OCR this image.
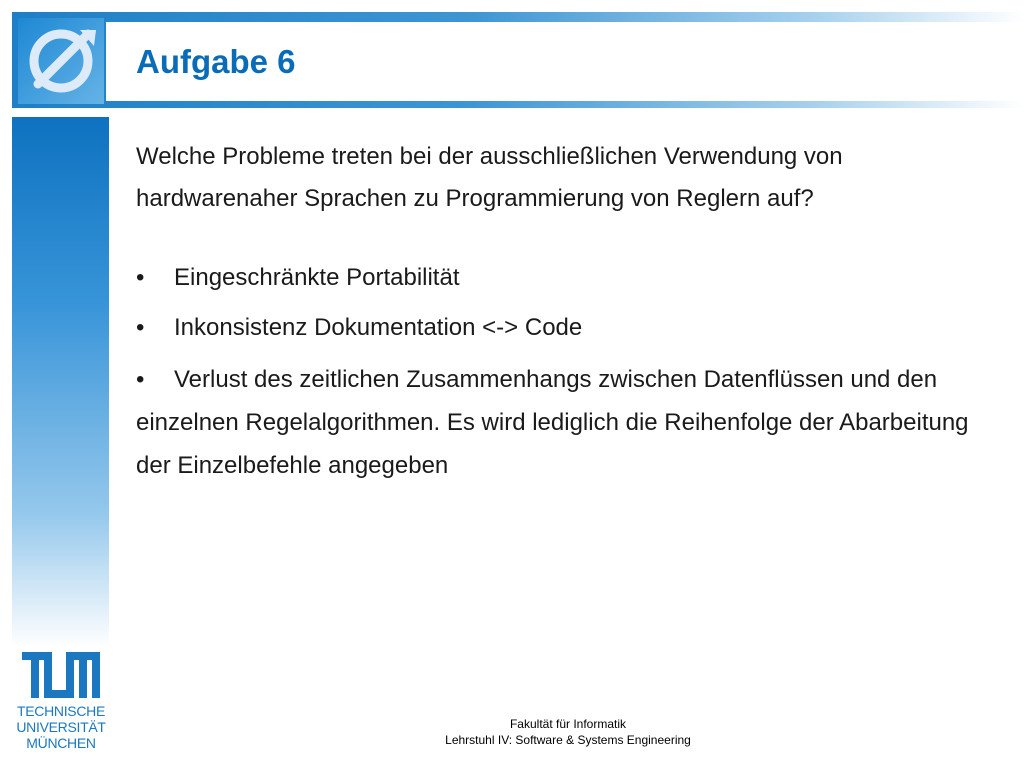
Aufgabe 6

Welche Probleme treten bei der ausschließlichen Verwendung von hardwarenaher Sprachen zu Programmierung von Reglern auf?

• Eingeschränkte Portabilität
• Inkonsistenz Dokumentation <-> Code
• Verlust des zeitlichen Zusammenhangs zwischen Datenflüssen und den einzelnen Regelalgorithmen. Es wird lediglich die Reihenfolge der Abarbeitung der Einzelbefehle angegeben
TECHNISCHE
UNIVERSITÄT
MÜNCHEN
Fakultät für Informatik
Lehrstuhl IV: Software & Systems Engineering
